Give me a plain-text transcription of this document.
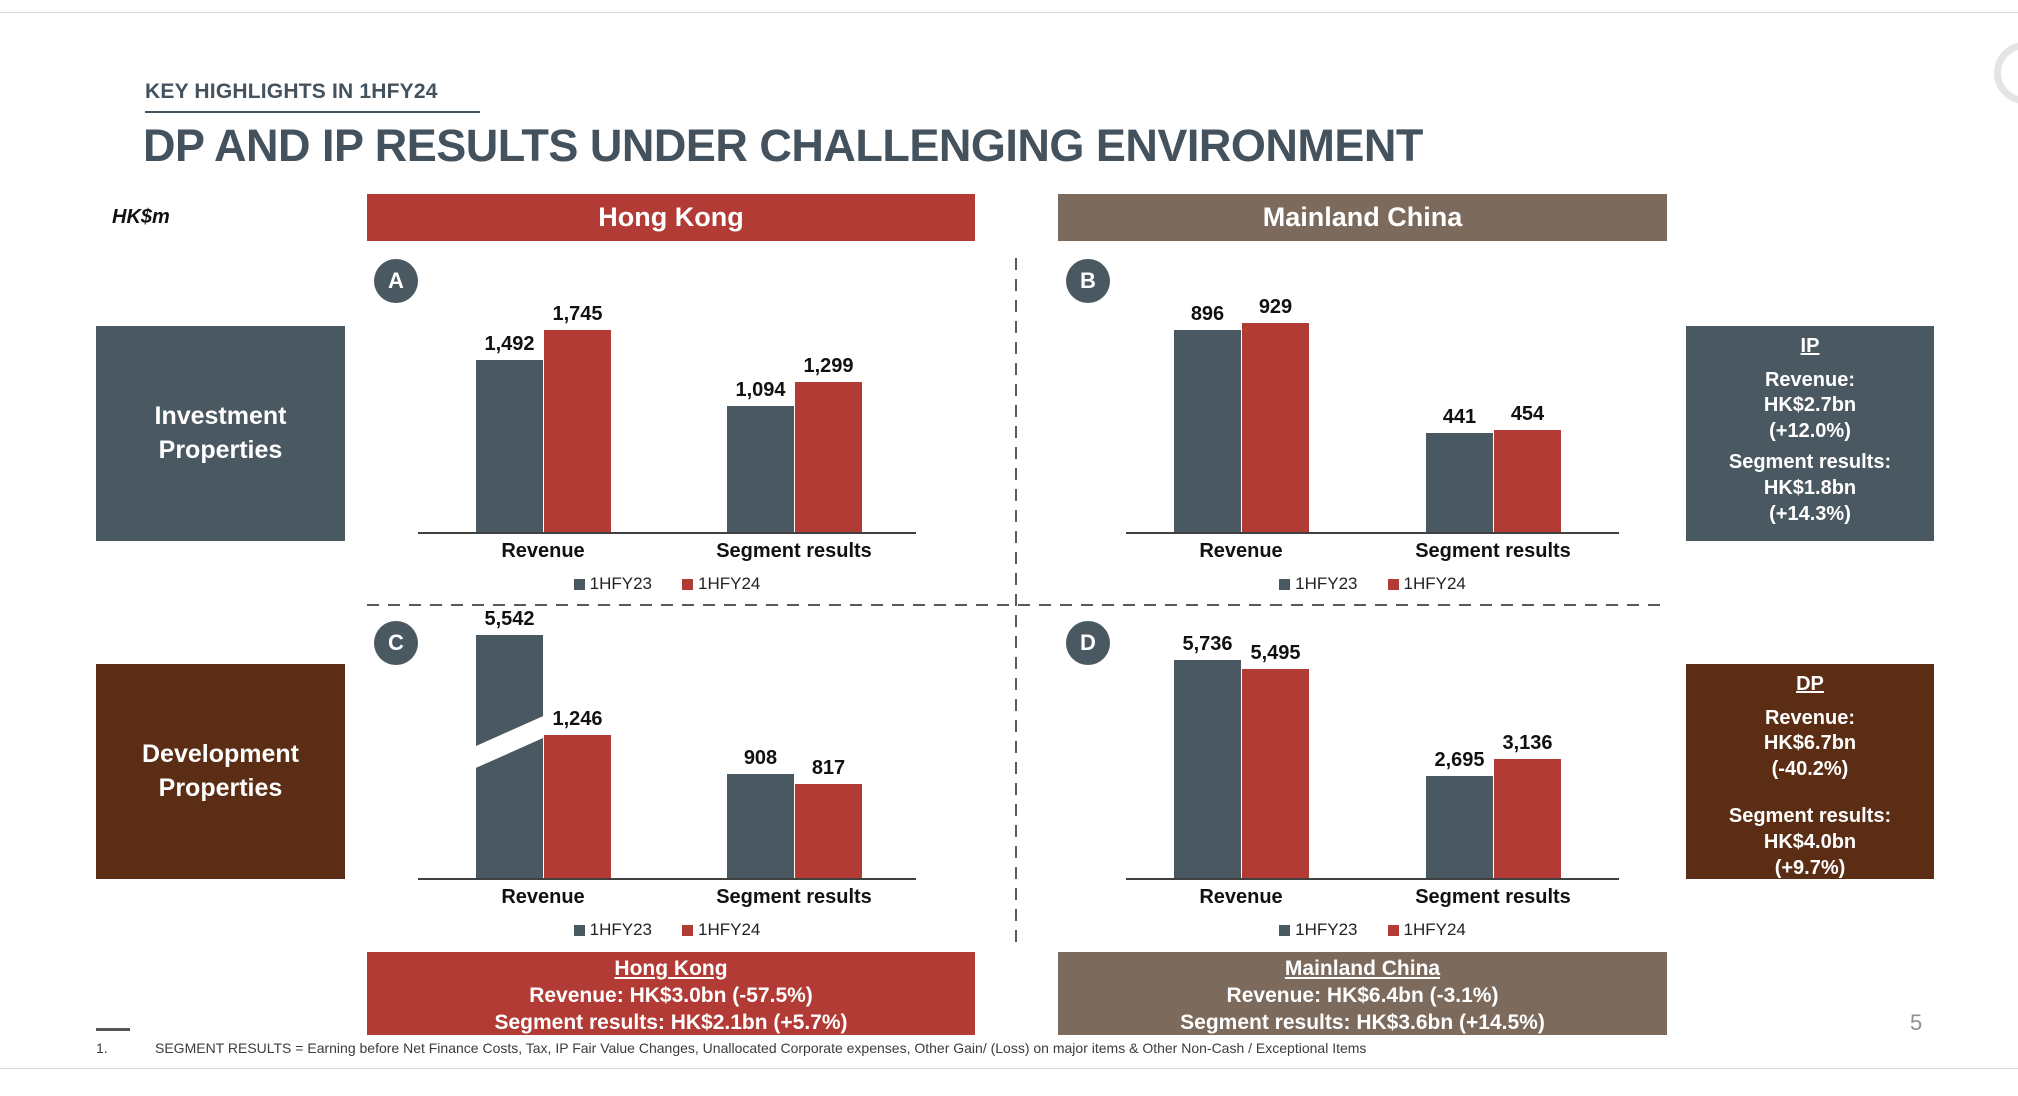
KEY HIGHLIGHTS IN 1HFY24
DP AND IP RESULTS UNDER CHALLENGING ENVIRONMENT
HK$m	Hong Kong	Mainland China
Investment Properties
Development Properties
A	B
C	D
1,492
1,745
1,094
1,299
Revenue	Segment results
1HFY23	1HFY24
896 929
441 454
Revenue	Segment results
1HFY23	1HFY24
5,542
1,246
908 817
Revenue	Segment results
1HFY23	1HFY24
5,736 5,495
2,695
3,136
Revenue	Segment results
1HFY23	1HFY24
IP
Revenue:
HK$2.7bn
(+12.0%)
Segment results:
HK$1.8bn
(+14.3%)
DP
Revenue:
HK$6.7bn
(-40.2%)
Segment results:
HK$4.0bn
(+9.7%)
Hong Kong
Revenue: HK$3.0bn (-57.5%)
Segment results: HK$2.1bn (+5.7%)
Mainland China
Revenue: HK$6.4bn (-3.1%)
Segment results: HK$3.6bn (+14.5%)
1.	SEGMENT RESULTS = Earning before Net Finance Costs, Tax, IP Fair Value Changes, Unallocated Corporate expenses, Other Gain/ (Loss) on major items & Other Non-Cash / Exceptional Items
5
